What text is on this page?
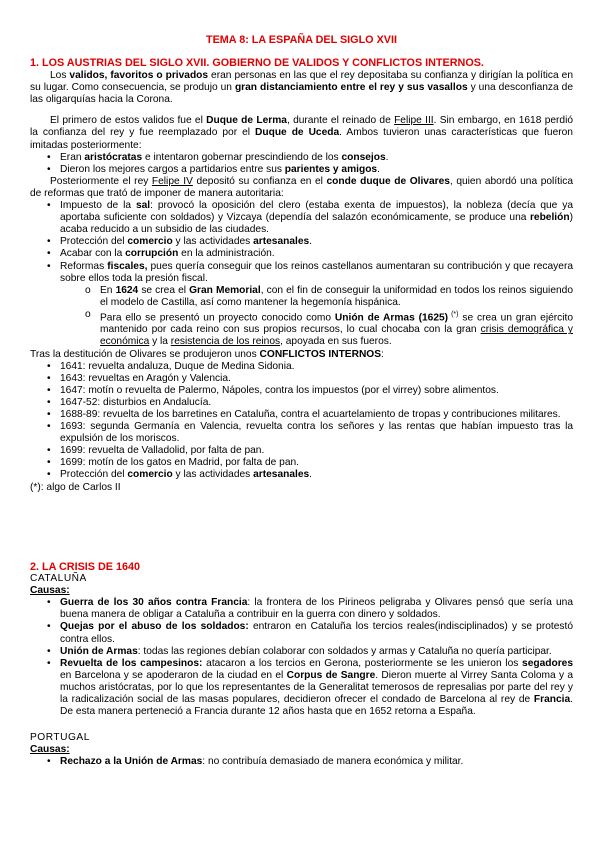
TEMA 8: LA ESPAÑA DEL SIGLO XVII

1. LOS AUSTRIAS DEL SIGLO XVII. GOBIERNO DE VALIDOS Y CONFLICTOS INTERNOS.

Los validos, favoritos o privados eran personas en las que el rey depositaba su confianza y dirigían la política en su lugar. Como consecuencia, se produjo un gran distanciamiento entre el rey y sus vasallos y una desconfianza de las oligarquías hacia la Corona.

El primero de estos validos fue el Duque de Lerma, durante el reinado de Felipe III. Sin embargo, en 1618 perdió la confianza del rey y fue reemplazado por el Duque de Uceda. Ambos tuvieron unas características que fueron imitadas posteriormente:

• Eran aristócratas e intentaron gobernar prescindiendo de los consejos.
• Dieron los mejores cargos a partidarios entre sus parientes y amigos.

Posteriormente el rey Felipe IV depositó su confianza en el conde duque de Olivares, quien abordó una política de reformas que trató de imponer de manera autoritaria:

• Impuesto de la sal: provocó la oposición del clero (estaba exenta de impuestos), la nobleza (decía que ya aportaba suficiente con soldados) y Vizcaya (dependía del salazón económicamente, se produce una rebelión) acaba reducido a un subsidio de las ciudades.
• Protección del comercio y las actividades artesanales.
• Acabar con la corrupción en la administración.
• Reformas fiscales, pues quería conseguir que los reinos castellanos aumentaran su contribución y que recayera sobre ellos toda la presión fiscal.
o En 1624 se crea el Gran Memorial, con el fin de conseguir la uniformidad en todos los reinos siguiendo el modelo de Castilla, así como mantener la hegemonía hispánica.
o Para ello se presentó un proyecto conocido como Unión de Armas (1625) (*) se crea un gran ejército mantenido por cada reino con sus propios recursos, lo cual chocaba con la gran crisis demográfica y económica y la resistencia de los reinos, apoyada en sus fueros.

Tras la destitución de Olivares se produjeron unos CONFLICTOS INTERNOS:

• 1641: revuelta andaluza, Duque de Medina Sidonia.
• 1643: revueltas en Aragón y Valencia.
• 1647: motín o revuelta de Palermo, Nápoles, contra los impuestos (por el virrey) sobre alimentos.
• 1647-52: disturbios en Andalucía.
• 1688-89: revuelta de los barretines en Cataluña, contra el acuartelamiento de tropas y contribuciones militares.
• 1693: segunda Germanía en Valencia, revuelta contra los señores y las rentas que habían impuesto tras la expulsión de los moriscos.
• 1699: revuelta de Valladolid, por falta de pan.
• 1699: motín de los gatos en Madrid, por falta de pan.
• Protección del comercio y las actividades artesanales.

(*): algo de Carlos II

2. LA CRISIS DE 1640

CATALUÑA

Causas:

• Guerra de los 30 años contra Francia: la frontera de los Pirineos peligraba y Olivares pensó que sería una buena manera de obligar a Cataluña a contribuir en la guerra con dinero y soldados.
• Quejas por el abuso de los soldados: entraron en Cataluña los tercios reales(indisciplinados) y se protestó contra ellos.
• Unión de Armas: todas las regiones debían colaborar con soldados y armas y Cataluña no quería participar.
• Revuelta de los campesinos: atacaron a los tercios en Gerona, posteriormente se les unieron los segadores en Barcelona y se apoderaron de la ciudad en el Corpus de Sangre. Dieron muerte al Virrey Santa Coloma y a muchos aristócratas, por lo que los representantes de la Generalitat temerosos de represalias por parte del rey y la radicalización social de las masas populares, decidieron ofrecer el condado de Barcelona al rey de Francia. De esta manera perteneció a Francia durante 12 años hasta que en 1652 retorna a España.

PORTUGAL

Causas:

• Rechazo a la Unión de Armas: no contribuía demasiado de manera económica y militar.
